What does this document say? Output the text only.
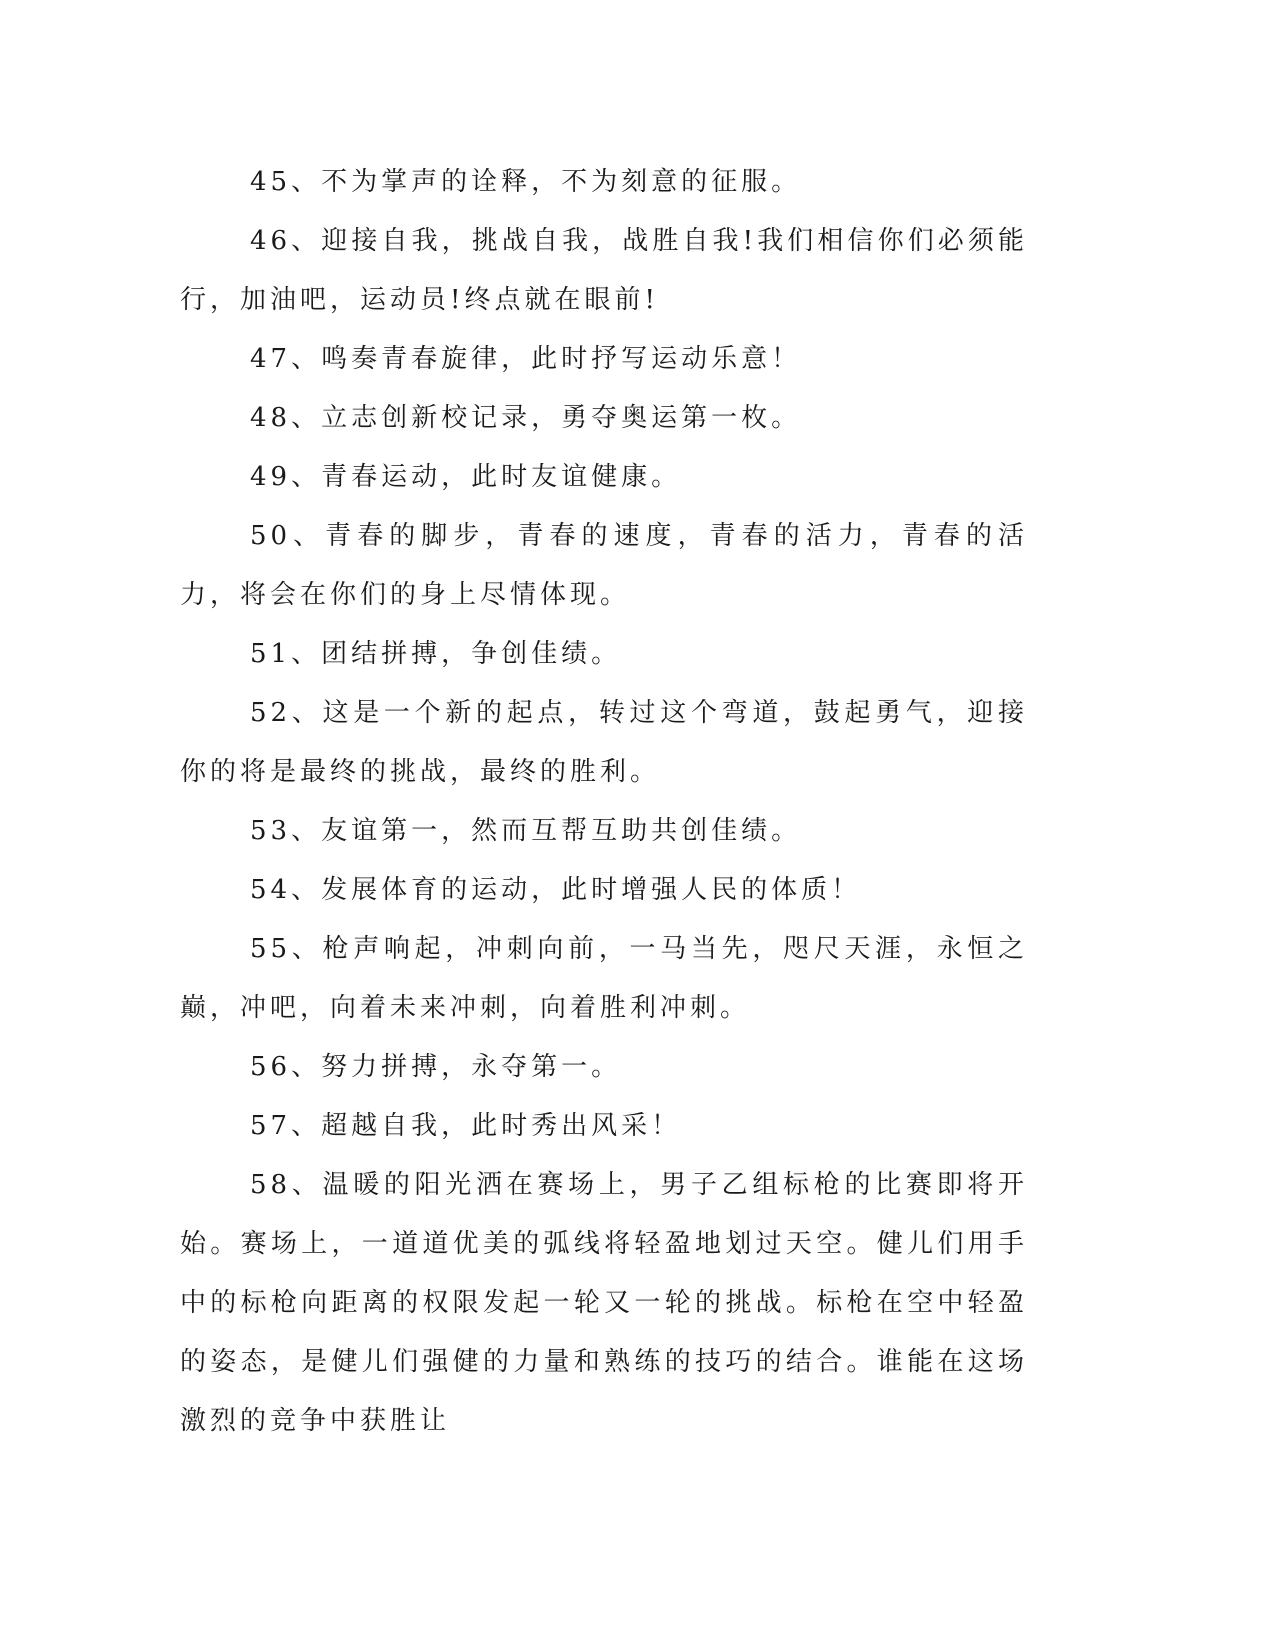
45、不为掌声的诠释，不为刻意的征服。

46、迎接自我，挑战自我，战胜自我!我们相信你们必须能行，加油吧，运动员!终点就在眼前!

47、鸣奏青春旋律，此时抒写运动乐意！

48、立志创新校记录，勇夺奥运第一枚。

49、青春运动，此时友谊健康。

50、青春的脚步，青春的速度，青春的活力，青春的活力，将会在你们的身上尽情体现。

51、团结拼搏，争创佳绩。

52、这是一个新的起点，转过这个弯道，鼓起勇气，迎接你的将是最终的挑战，最终的胜利。

53、友谊第一，然而互帮互助共创佳绩。

54、发展体育的运动，此时增强人民的体质！

55、枪声响起，冲刺向前，一马当先，咫尺天涯，永恒之巅，冲吧，向着未来冲刺，向着胜利冲刺。

56、努力拼搏，永夺第一。

57、超越自我，此时秀出风采！

58、温暖的阳光洒在赛场上，男子乙组标枪的比赛即将开始。赛场上，一道道优美的弧线将轻盈地划过天空。健儿们用手中的标枪向距离的权限发起一轮又一轮的挑战。标枪在空中轻盈的姿态，是健儿们强健的力量和熟练的技巧的结合。谁能在这场激烈的竞争中获胜让
